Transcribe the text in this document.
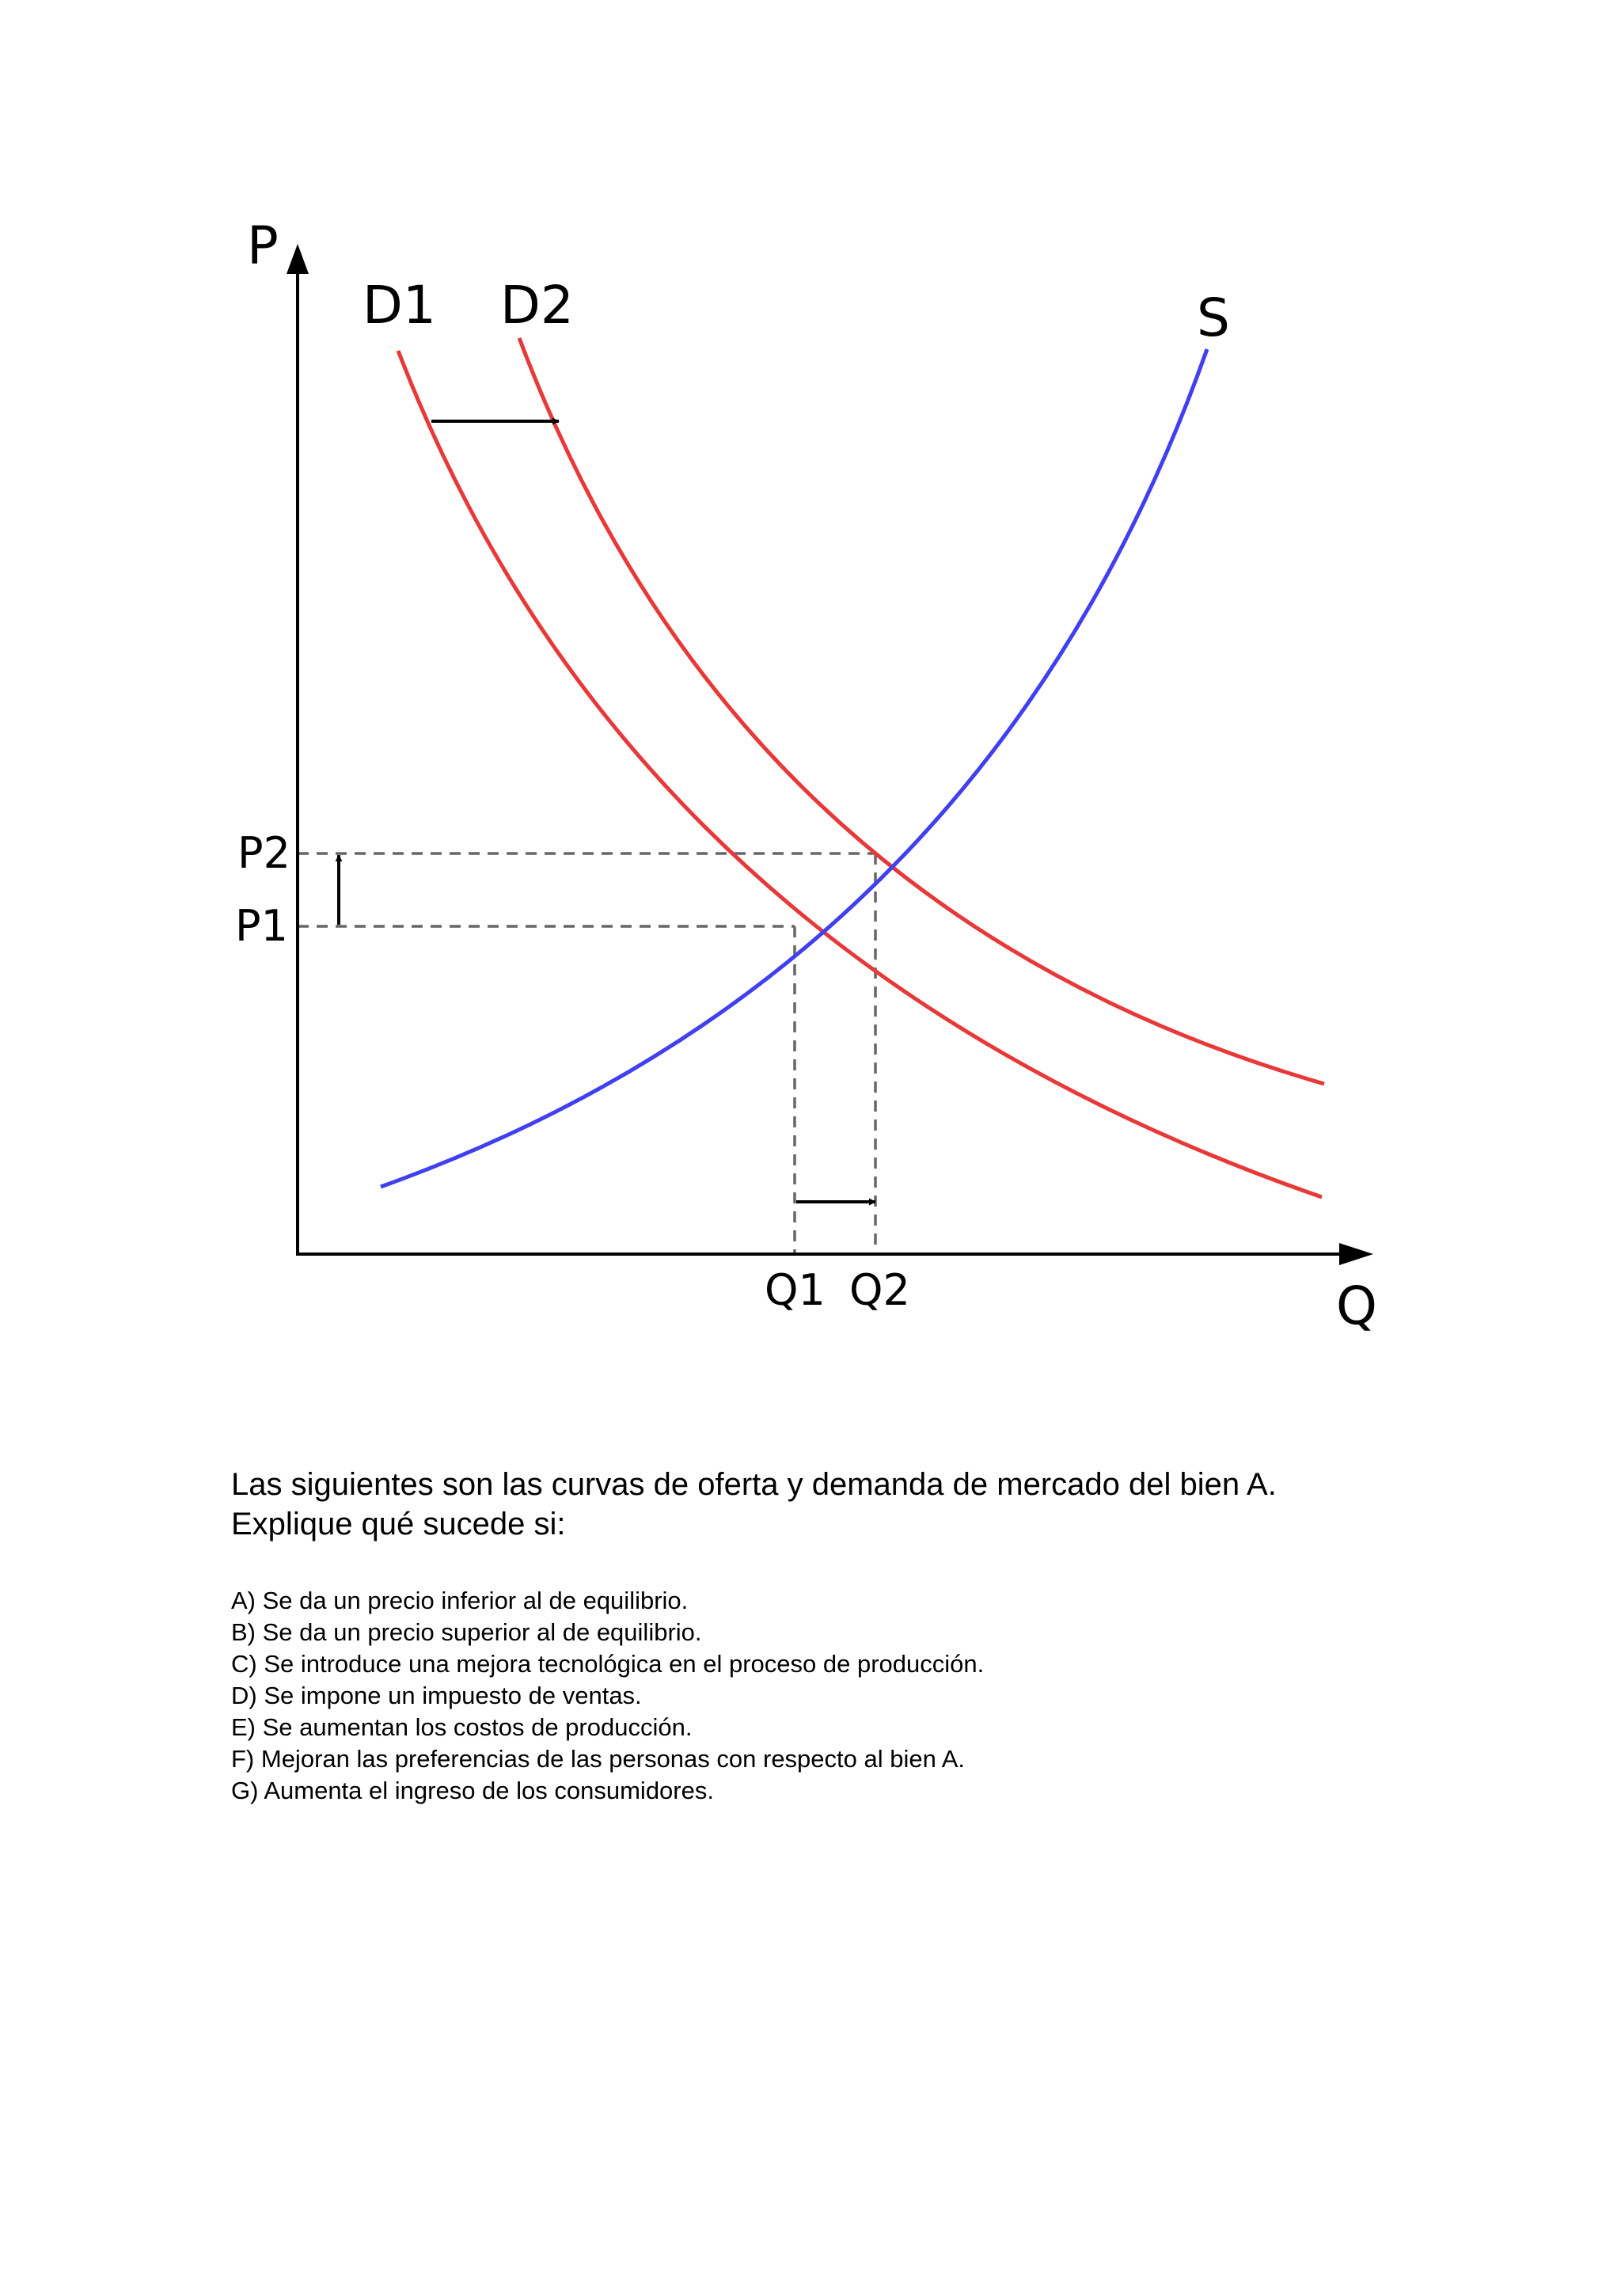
P
Q
D1 D2	S
P2
P1
Q1 Q2

Las siguientes son las curvas de oferta y demanda de mercado del bien A.

Explique qué sucede si:

A) Se da un precio inferior al de equilibrio.
B) Se da un precio superior al de equilibrio.
C) Se introduce una mejora tecnológica en el proceso de producción.
D) Se impone un impuesto de ventas.
E) Se aumentan los costos de producción.
F) Mejoran las preferencias de las personas con respecto al bien A.
G) Aumenta el ingreso de los consumidores.
